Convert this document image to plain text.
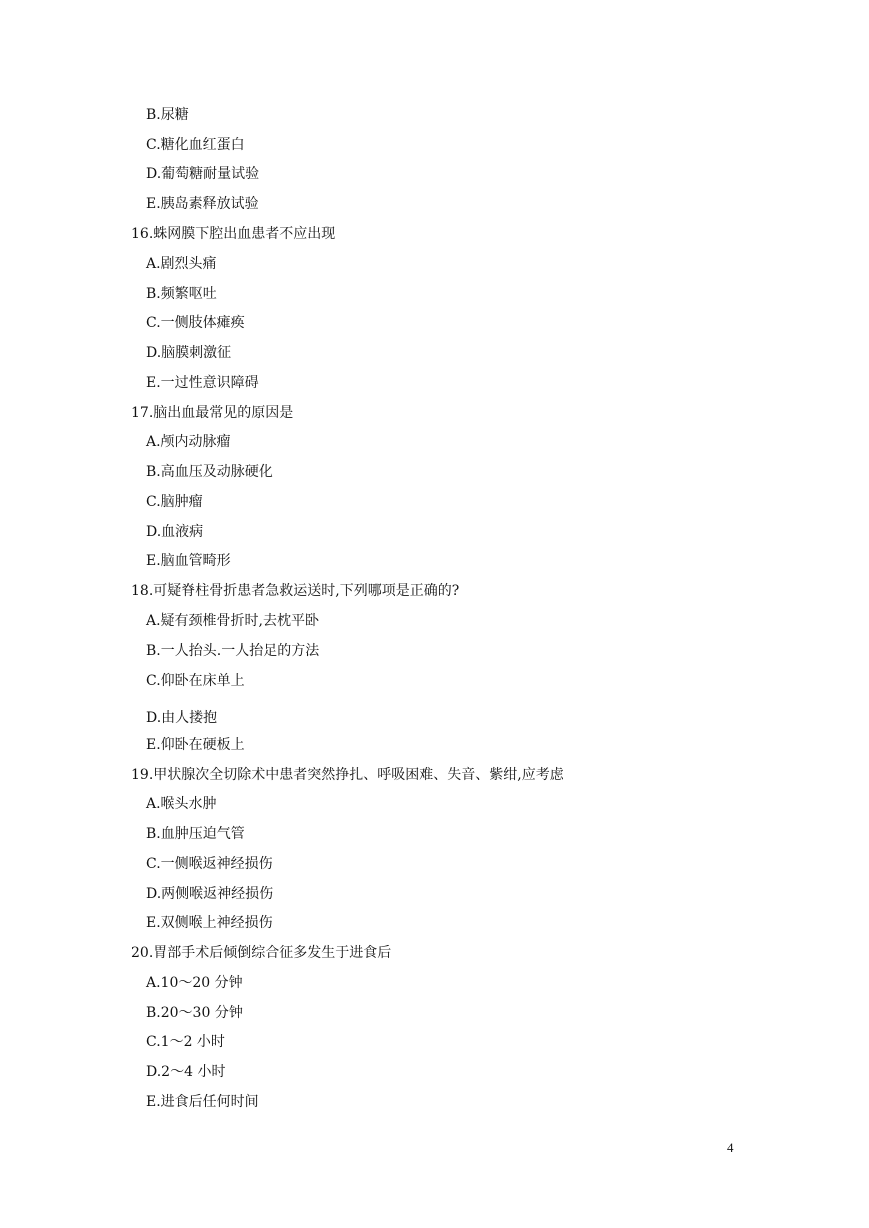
B.尿糖
C.糖化血红蛋白
D.葡萄糖耐量试验
E.胰岛素释放试验
16.蛛网膜下腔出血患者不应出现
A.剧烈头痛
B.频繁呕吐
C.一侧肢体瘫痪
D.脑膜刺激征
E.一过性意识障碍
17.脑出血最常见的原因是
A.颅内动脉瘤
B.高血压及动脉硬化
C.脑肿瘤
D.血液病
E.脑血管畸形
18.可疑脊柱骨折患者急救运送时,下列哪项是正确的?
A.疑有颈椎骨折时,去枕平卧
B.一人抬头.一人抬足的方法
C.仰卧在床单上
D.由人搂抱
E.仰卧在硬板上
19.甲状腺次全切除术中患者突然挣扎、呼吸困难、失音、紫绀,应考虑
A.喉头水肿
B.血肿压迫气管
C.一侧喉返神经损伤
D.两侧喉返神经损伤
E.双侧喉上神经损伤
20.胃部手术后倾倒综合征多发生于进食后
A.10～20 分钟
B.20～30 分钟
C.1～2 小时
D.2～4 小时
E.进食后任何时间
4
